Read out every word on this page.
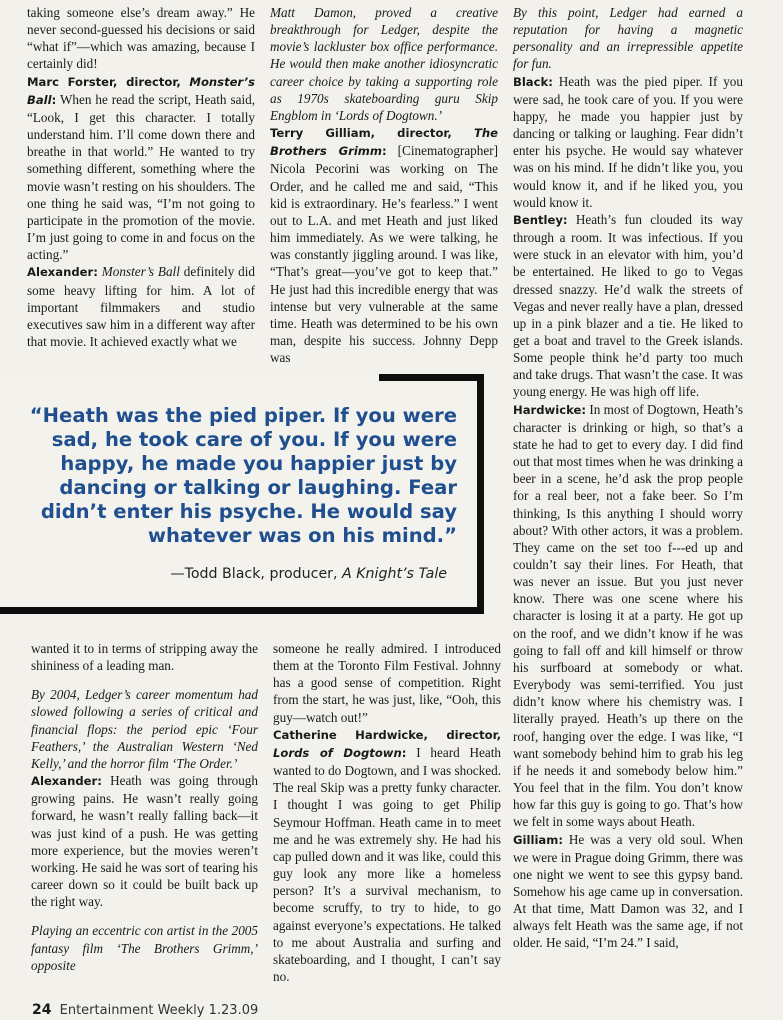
taking someone else’s dream away.” He never second-guessed his decisions or said “what if”—which was amazing, because I certainly did!

Marc Forster, director, Monster’s Ball: When he read the script, Heath said, “Look, I get this character. I totally understand him. I’ll come down there and breathe in that world.” He wanted to try something different, something where the movie wasn’t resting on his shoulders. The one thing he said was, “I’m not going to participate in the promotion of the movie. I’m just going to come in and focus on the acting.”

Alexander: Monster’s Ball definitely did some heavy lifting for him. A lot of important filmmakers and studio executives saw him in a different way after that movie. It achieved exactly what we

Matt Damon, proved a creative breakthrough for Ledger, despite the movie’s lackluster box office performance. He would then make another idiosyncratic career choice by taking a supporting role as 1970s skateboarding guru Skip Engblom in ‘Lords of Dogtown.’

Terry Gilliam, director, The Brothers Grimm: [Cinematographer] Nicola Pecorini was working on The Order, and he called me and said, “This kid is extraordinary. He’s fearless.” I went out to L.A. and met Heath and just liked him immediately. As we were talking, he was constantly jiggling around. I was like, “That’s great—you’ve got to keep that.” He just had this incredible energy that was intense but very vulnerable at the same time. Heath was determined to be his own man, despite his success. Johnny Depp was

By this point, Ledger had earned a reputation for having a magnetic personality and an irrepressible appetite for fun.

Black: Heath was the pied piper. If you were sad, he took care of you. If you were happy, he made you happier just by dancing or talking or laughing. Fear didn’t enter his psyche. He would say whatever was on his mind. If he didn’t like you, you would know it, and if he liked you, you would know it.

Bentley: Heath’s fun clouded its way through a room. It was infectious. If you were stuck in an elevator with him, you’d be entertained. He liked to go to Vegas dressed snazzy. He’d walk the streets of Vegas and never really have a plan, dressed up in a pink blazer and a tie. He liked to get a boat and travel to the Greek islands. Some people think he’d party too much and take drugs. That wasn’t the case. It was young energy. He was high off life.

Hardwicke: In most of Dogtown, Heath’s character is drinking or high, so that’s a state he had to get to every day. I did find out that most times when he was drinking a beer in a scene, he’d ask the prop people for a real beer, not a fake beer. So I’m thinking, Is this anything I should worry about? With other actors, it was a problem. They came on the set too f---ed up and couldn’t say their lines. For Heath, that was never an issue. But you just never know. There was one scene where his character is losing it at a party. He got up on the roof, and we didn’t know if he was going to fall off and kill himself or throw his surfboard at somebody or what. Everybody was semi-terrified. You just didn’t know where his chemistry was. I literally prayed. Heath’s up there on the roof, hanging over the edge. I was like, “I want somebody behind him to grab his leg if he needs it and somebody below him.” You feel that in the film. You don’t know how far this guy is going to go. That’s how we felt in some ways about Heath.

Gilliam: He was a very old soul. When we were in Prague doing Grimm, there was one night we went to see this gypsy band. Somehow his age came up in conversation. At that time, Matt Damon was 32, and I always felt Heath was the same age, if not older. He said, “I’m 24.” I said,

“Heath was the pied piper. If you were sad, he took care of you. If you were happy, he made you happier just by dancing or talking or laughing. Fear didn’t enter his psyche. He would say whatever was on his mind.”

—Todd Black, producer, A Knight’s Tale

wanted it to in terms of stripping away the shininess of a leading man.

By 2004, Ledger’s career momentum had slowed following a series of critical and financial flops: the period epic ‘Four Feathers,’ the Australian Western ‘Ned Kelly,’ and the horror film ‘The Order.’

Alexander: Heath was going through growing pains. He wasn’t really going forward, he wasn’t really falling back—it was just kind of a push. He was getting more experience, but the movies weren’t working. He said he was sort of tearing his career down so it could be built back up the right way.

Playing an eccentric con artist in the 2005 fantasy film ‘The Brothers Grimm,’ opposite

someone he really admired. I introduced them at the Toronto Film Festival. Johnny has a good sense of competition. Right from the start, he was just, like, “Ooh, this guy—watch out!”

Catherine Hardwicke, director, Lords of Dogtown: I heard Heath wanted to do Dogtown, and I was shocked. The real Skip was a pretty funky character. I thought I was going to get Philip Seymour Hoffman. Heath came in to meet me and he was extremely shy. He had his cap pulled down and it was like, could this guy look any more like a homeless person? It’s a survival mechanism, to become scruffy, to try to hide, to go against everyone’s expectations. He talked to me about Australia and surfing and skateboarding, and I thought, I can’t say no.

24 Entertainment Weekly 1.23.09
